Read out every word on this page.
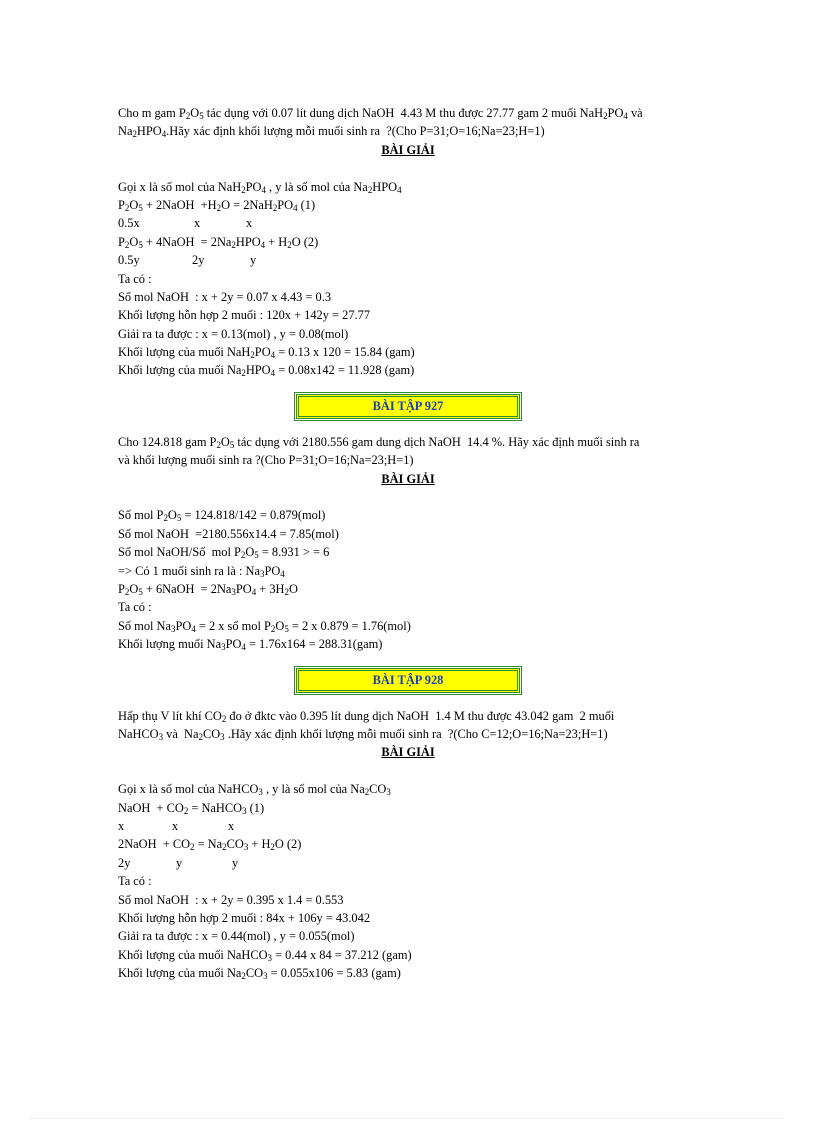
Cho m gam $P_2O_5$ tác dụng với 0.07 lít dung dịch NaOH  4.43 M thu được 27.77 gam 2 muối $NaH_2PO_4$ và
$Na_2HPO_4.Hãy$ xác định khối lượng mỗi muối sinh ra  ?(Cho P=31;O=16;Na=23;H=1)
BÀI GIẢI
Gọi x là số mol của $NaH_2PO_4$ , y là số mol của $Na_2HPO_4$
$P_2O_5$ + 2NaOH  $+H_2O = 2NaH_2PO_4$ (1)
0.5x	x	x
$P_2O_5$ + 4NaOH  = $2Na_2HPO_4 + H_2O$ (2)
0.5y	2y	y
Ta có :
Số mol NaOH  : x + 2y = 0.07 x 4.43 = 0.3
Khối lượng hỗn hợp 2 muối : 120x + 142y = 27.77
Giải ra ta được : x = 0.13(mol) , y = 0.08(mol)
Khối lượng của muối $NaH_2PO_4 = 0.13$ x 120 = 15.84 (gam)
Khối lượng của muối $Na_2HPO_4 = 0.08x142 = 11.928$ (gam)
BÀI TẬP 927
Cho 124.818 gam $P_2O_5$ tác dụng với 2180.556 gam dung dịch NaOH  14.4 %. Hãy xác định muối sinh ra
và khối lượng muối sinh ra ?(Cho P=31;O=16;Na=23;H=1)
BÀI GIẢI
Số mol $P_2O_5 = 124.818/142 = 0.879(mol)$
Số mol NaOH  =2180.556x14.4 = 7.85(mol)
Số mol NaOH/Số  mol $P_2O_5 = 8.931$ > = 6
=> Có 1 muối sinh ra là : $Na_3PO_4$
$P_2O_5$ + 6NaOH  = $2Na_3PO_4 + 3H_2O$
Ta có :
Số mol $Na_3PO_4 = 2$ x số mol $P_2O_5 = 2$ x 0.879 = 1.76(mol)
Khối lượng muối $Na_3PO_4 = 1.76x164 = 288.31(gam)$
BÀI TẬP 928
Hấp thụ V lít khí $CO_2$ đo ở đktc vào 0.395 lít dung dịch NaOH  1.4 M thu được 43.042 gam  2 muối
NaHCO$_3$ và  $Na_2CO_3$ .Hãy xác định khối lượng mỗi muối sinh ra  ?(Cho C=12;O=16;Na=23;H=1)
BÀI GIẢI
Gọi x là số mol của NaHCO$_3$ , y là số mol của $Na_2CO_3$
NaOH  + $CO_2$ = NaHCO$_3$ (1)
x	x	x
2NaOH  + $CO_2 = Na_2CO_3 + H_2O$ (2)
2y	y	y
Ta có :
Số mol NaOH  : x + 2y = 0.395 x 1.4 = 0.553
Khối lượng hỗn hợp 2 muối : 84x + 106y = 43.042
Giải ra ta được : x = 0.44(mol) , y = 0.055(mol)
Khối lượng của muối NaHCO$_3$ = 0.44 x 84 = 37.212 (gam)
Khối lượng của muối $Na_2CO_3 = 0.055x106 = 5.83$ (gam)
